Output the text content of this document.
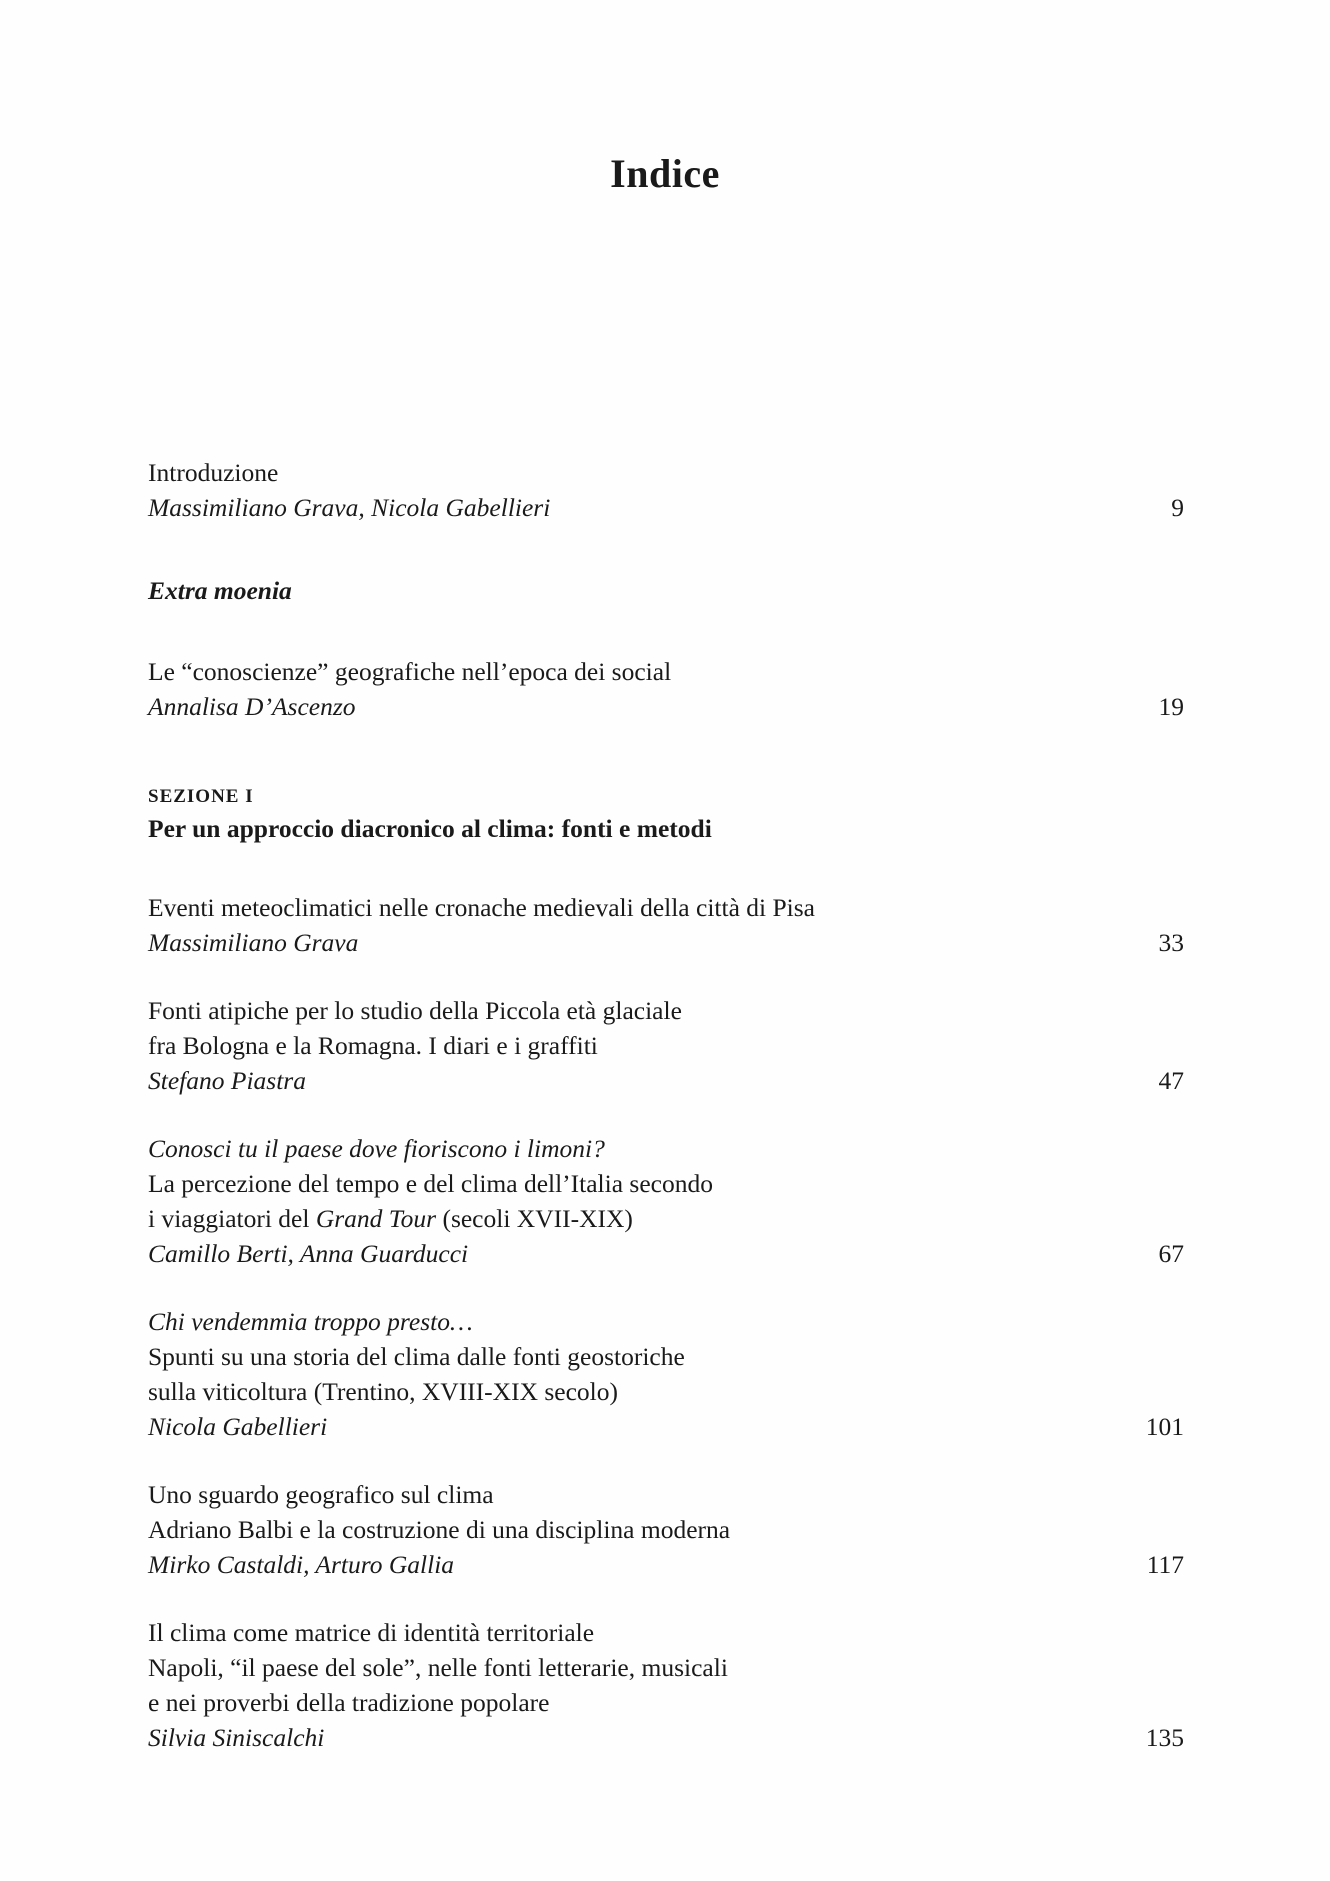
Indice
Introduzione
Massimiliano Grava, Nicola Gabellieri	9
Extra moenia
Le “conoscienze” geografiche nell’epoca dei social
Annalisa D’Ascenzo	19
SEZIONE I
Per un approccio diacronico al clima: fonti e metodi
Eventi meteoclimatici nelle cronache medievali della città di Pisa
Massimiliano Grava	33
Fonti atipiche per lo studio della Piccola età glaciale
fra Bologna e la Romagna. I diari e i graffiti
Stefano Piastra	47
Conosci tu il paese dove fioriscono i limoni?
La percezione del tempo e del clima dell’Italia secondo
i viaggiatori del Grand Tour (secoli XVII-XIX)
Camillo Berti, Anna Guarducci	67
Chi vendemmia troppo presto…
Spunti su una storia del clima dalle fonti geostoriche
sulla viticoltura (Trentino, XVIII-XIX secolo)
Nicola Gabellieri	101
Uno sguardo geografico sul clima
Adriano Balbi e la costruzione di una disciplina moderna
Mirko Castaldi, Arturo Gallia	117
Il clima come matrice di identità territoriale
Napoli, “il paese del sole”, nelle fonti letterarie, musicali
e nei proverbi della tradizione popolare
Silvia Siniscalchi	135
